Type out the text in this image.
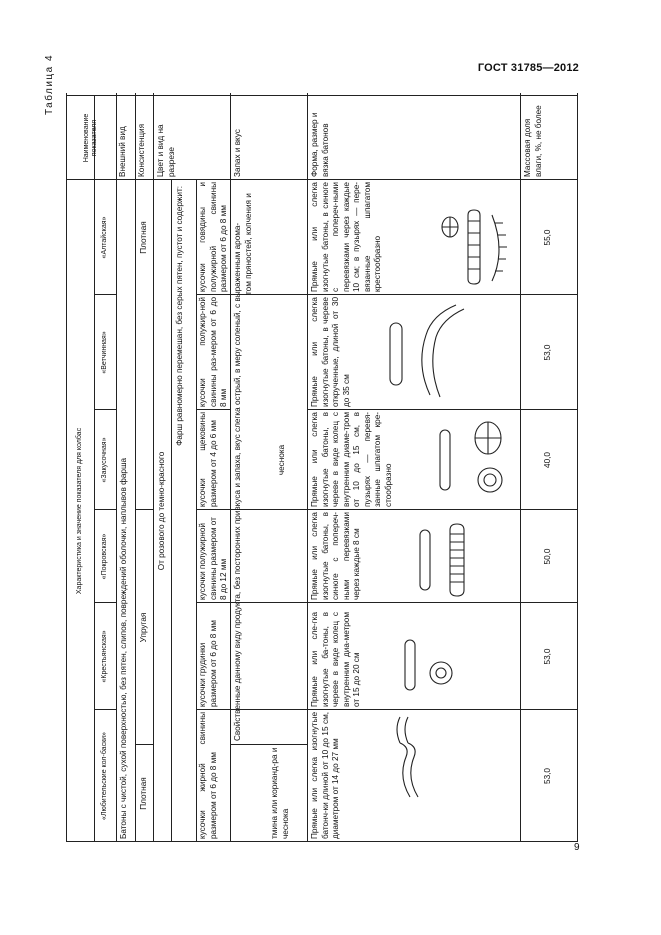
ГОСТ 31785—2012
9
Таблица 4
Наименование показателя
Характеристика и значение показателя для колбас
«Алтайская»
«Ветчинная»
«Закусочная»
«Покровская»
«Крестьянская»
«Любительские кол-баски»
Внешний вид
Батоны с чистой, сухой поверхностью, без пятен, слипов, повреждений оболочки, наплывов фарша
Консистенция
Плотная
Упругая
Плотная
Цвет и вид на разрезе
От розового до темно-красного
Фарш равномерно перемешан, без серых пятен, пустот и содержит: кусочки говядины и полужирной свинины размером от 6 до 8 мм
кусочки полужир-ной свинины раз-мером от 6 до 8 мм
кусочки щековины размером от 4 до 6 мм
кусочки полужирной свинины размером от 8 до 12 мм
кусочки грудинки размером от 6 до 8 мм
кусочки жирной свинины размером от 6 до 8 мм
Запах и вкус
Свойственные данному виду продукта, без посторонних привкуса и запаха, вкус слегка острый, в меру соленый, с выраженным арома- том пряностей, копчения и
чеснока
тмина или корианд-ра и чеснока
Форма, размер и вязка батонов
Прямые или слегка изогнутые батоны, в синюге с попереч-ными перевязками через каждые 10 см; в пузырях — пере-вязанные шпагатом крестообразно
Прямые или слегка изогнутые батоны, в черевe открученные, длиной от 30 до 35 см
Прямые или слегка изогнутые батоны, в черевe в виде колец с внутренним диаме-тром от 10 до 15 см, в пузырях — перевя-занные шпагатом кре-стообразно
Прямые или слегка изогнутые батоны, в синюге с попереч-ными перевязками через каждые 8 см
Прямые или сле-гка изогнутые ба-тоны, в черевe в виде колец с внутренним диа-метром от 15 до 20 см
Прямые или слегка изогнутые батонч-ки длиной от 10 до 15 см, диаметром от 14 до 27 мм
Массовая доля влаги, %, не более
55,0
53,0
40,0
50,0
53,0
53,0
